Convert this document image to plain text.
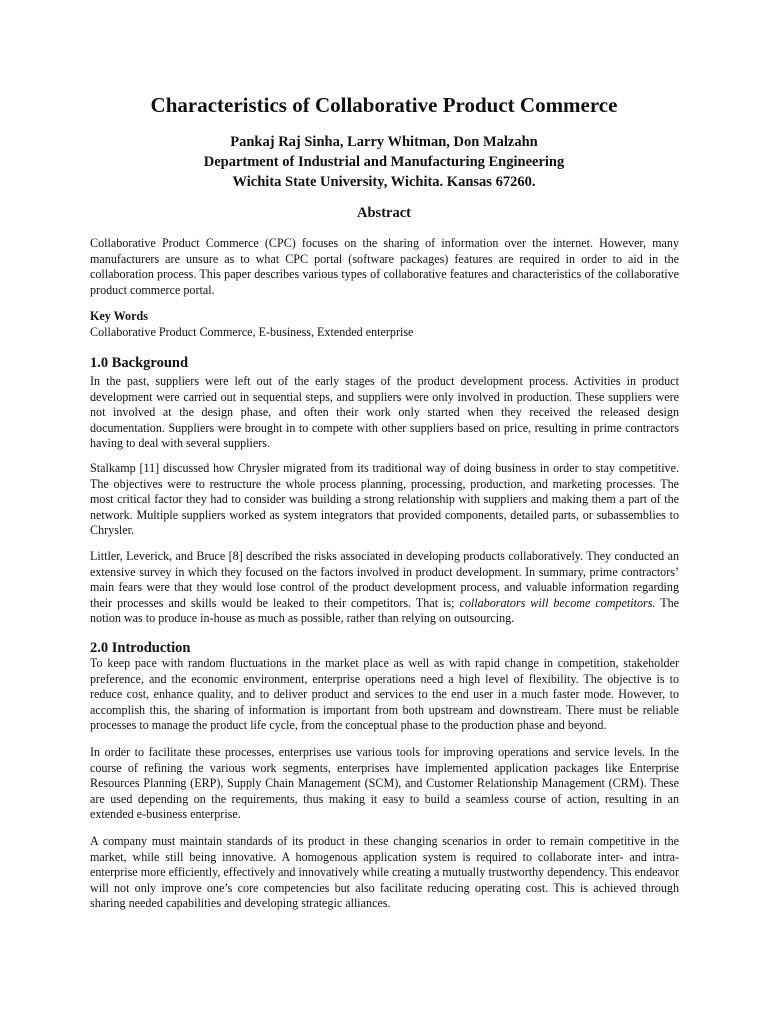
Characteristics of Collaborative Product Commerce
Pankaj Raj Sinha, Larry Whitman, Don Malzahn
Department of Industrial and Manufacturing Engineering
Wichita State University, Wichita. Kansas 67260.
Abstract

Collaborative Product Commerce (CPC) focuses on the sharing of information over the internet. However, many manufacturers are unsure as to what CPC portal (software packages) features are required in order to aid in the collaboration process. This paper describes various types of collaborative features and characteristics of the collaborative product commerce portal.

Key Words

Collaborative Product Commerce, E-business, Extended enterprise

1.0 Background

In the past, suppliers were left out of the early stages of the product development process. Activities in product development were carried out in sequential steps, and suppliers were only involved in production. These suppliers were not involved at the design phase, and often their work only started when they received the released design documentation. Suppliers were brought in to compete with other suppliers based on price, resulting in prime contractors having to deal with several suppliers.

Stalkamp [11] discussed how Chrysler migrated from its traditional way of doing business in order to stay competitive. The objectives were to restructure the whole process planning, processing, production, and marketing processes. The most critical factor they had to consider was building a strong relationship with suppliers and making them a part of the network. Multiple suppliers worked as system integrators that provided components, detailed parts, or subassemblies to Chrysler.

Littler, Leverick, and Bruce [8] described the risks associated in developing products collaboratively. They conducted an extensive survey in which they focused on the factors involved in product development. In summary, prime contractors’ main fears were that they would lose control of the product development process, and valuable information regarding their processes and skills would be leaked to their competitors. That is; collaborators will become competitors. The notion was to produce in-house as much as possible, rather than relying on outsourcing.

2.0 Introduction

To keep pace with random fluctuations in the market place as well as with rapid change in competition, stakeholder preference, and the economic environment, enterprise operations need a high level of flexibility. The objective is to reduce cost, enhance quality, and to deliver product and services to the end user in a much faster mode. However, to accomplish this, the sharing of information is important from both upstream and downstream. There must be reliable processes to manage the product life cycle, from the conceptual phase to the production phase and beyond.

In order to facilitate these processes, enterprises use various tools for improving operations and service levels. In the course of refining the various work segments, enterprises have implemented application packages like Enterprise Resources Planning (ERP), Supply Chain Management (SCM), and Customer Relationship Management (CRM). These are used depending on the requirements, thus making it easy to build a seamless course of action, resulting in an extended e-business enterprise.

A company must maintain standards of its product in these changing scenarios in order to remain competitive in the market, while still being innovative. A homogenous application system is required to collaborate inter- and intra-enterprise more efficiently, effectively and innovatively while creating a mutually trustworthy dependency. This endeavor will not only improve one’s core competencies but also facilitate reducing operating cost. This is achieved through sharing needed capabilities and developing strategic alliances.
